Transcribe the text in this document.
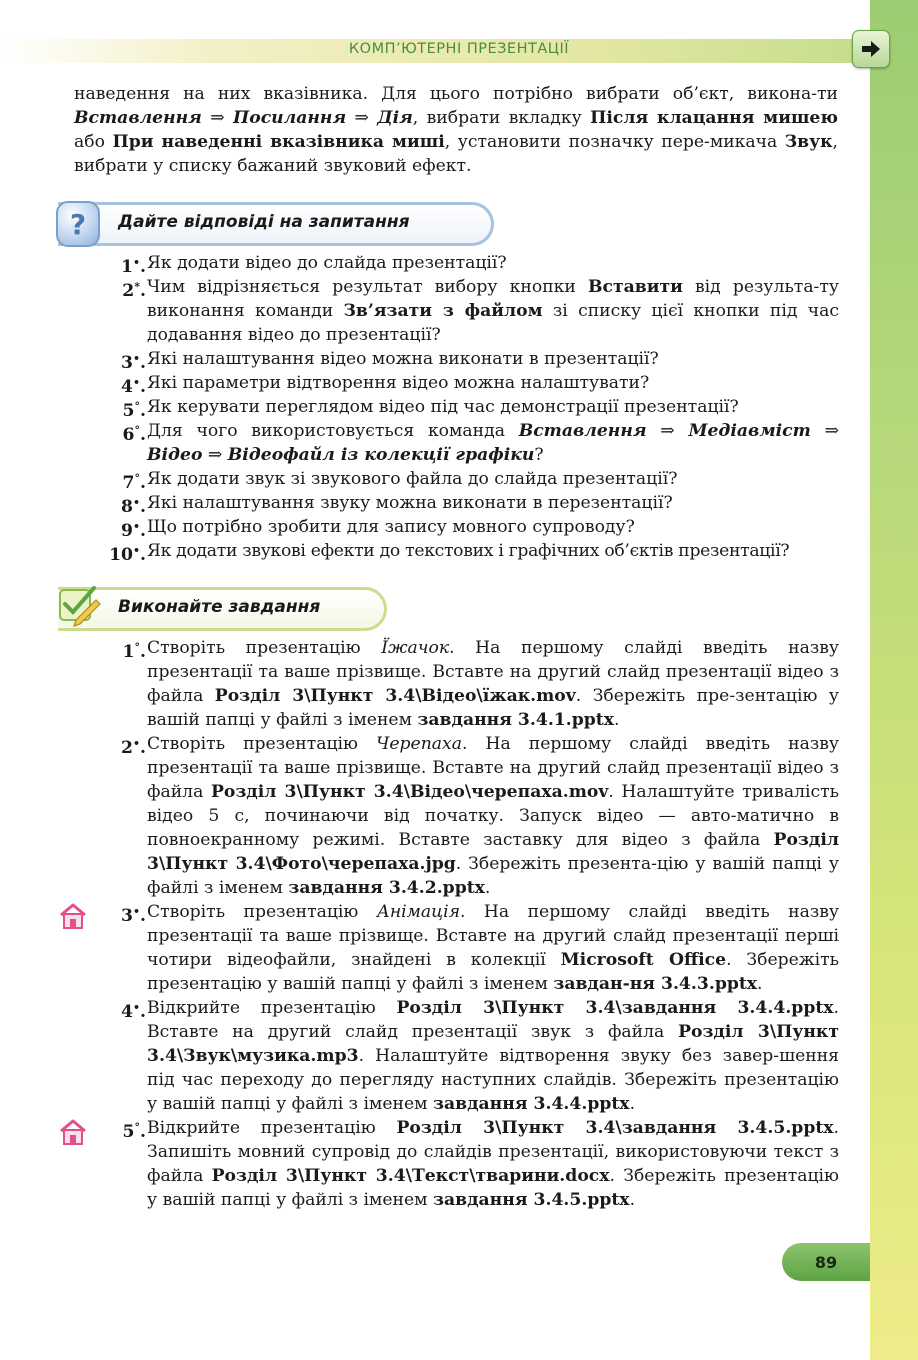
КОМП’ЮТЕРНІ ПРЕЗЕНТАЦІЇ

наведення на них вказівника. Для цього потрібно вибрати об’єкт, викона-ти Вставлення ⇒ Посилання ⇒ Дія, вибрати вкладку Після клацання мишею або При наведенні вказівника миші, установити позначку пере-микача Звук, вибрати у списку бажаний звуковий ефект.

?	Дайте відповіді на запитання
1•. Як додати відео до слайда презентації?
2*. Чим відрізняється результат вибору кнопки Вставити від результа-ту виконання команди Зв’язати з файлом зі списку цієї кнопки під час додавання відео до презентації?
3•. Які налаштування відео можна виконати в презентації?
4•. Які параметри відтворення відео можна налаштувати?
5°. Як керувати переглядом відео під час демонстрації презентації?
6°. Для чого використовується команда Вставлення ⇒ Медіавміст ⇒ Відео ⇒ Відеофайл із колекції графіки?
7°. Як додати звук зі звукового файла до слайда презентації?
8•. Які налаштування звуку можна виконати в перезентації?
9•. Що потрібно зробити для запису мовного супроводу?
10•. Як додати звукові ефекти до текстових і графічних об’єктів презентації?
Виконайте завдання
1°. Створіть презентацію Їжачок. На першому слайді введіть назву презентації та ваше прізвище. Вставте на другий слайд презентації відео з файла Розділ 3\Пункт 3.4\Відео\їжак.mov. Збережіть пре-зентацію у вашій папці у файлі з іменем завдання 3.4.1.pptx.
2•. Створіть презентацію Черепаха. На першому слайді введіть назву презентації та ваше прізвище. Вставте на другий слайд презентації відео з файла Розділ 3\Пункт 3.4\Відео\черепаха.mov. Налаштуйте тривалість відео 5 с, починаючи від початку. Запуск відео — авто-матично в повноекранному режимі. Вставте заставку для відео з файла Розділ 3\Пункт 3.4\Фото\черепаха.jpg. Збережіть презента-цію у вашій папці у файлі з іменем завдання 3.4.2.pptx.
3•. Створіть презентацію Анімація. На першому слайді введіть назву презентації та ваше прізвище. Вставте на другий слайд презентації перші чотири відеофайли, знайдені в колекції Microsoft Office. Збережіть презентацію у вашій папці у файлі з іменем завдан-ня 3.4.3.pptx.
4•. Відкрийте презентацію Розділ 3\Пункт 3.4\завдання 3.4.4.pptx. Вставте на другий слайд презентації звук з файла Розділ 3\Пункт 3.4\Звук\музика.mp3. Налаштуйте відтворення звуку без завер-шення під час переходу до перегляду наступних слайдів. Збережіть презентацію у вашій папці у файлі з іменем завдання 3.4.4.pptx.
5°. Відкрийте презентацію Розділ 3\Пункт 3.4\завдання 3.4.5.pptx. Запишіть мовний супровід до слайдів презентації, використовуючи текст з файла Розділ 3\Пункт 3.4\Текст\тварини.docx. Збережіть презентацію у вашій папці у файлі з іменем завдання 3.4.5.pptx.
89
